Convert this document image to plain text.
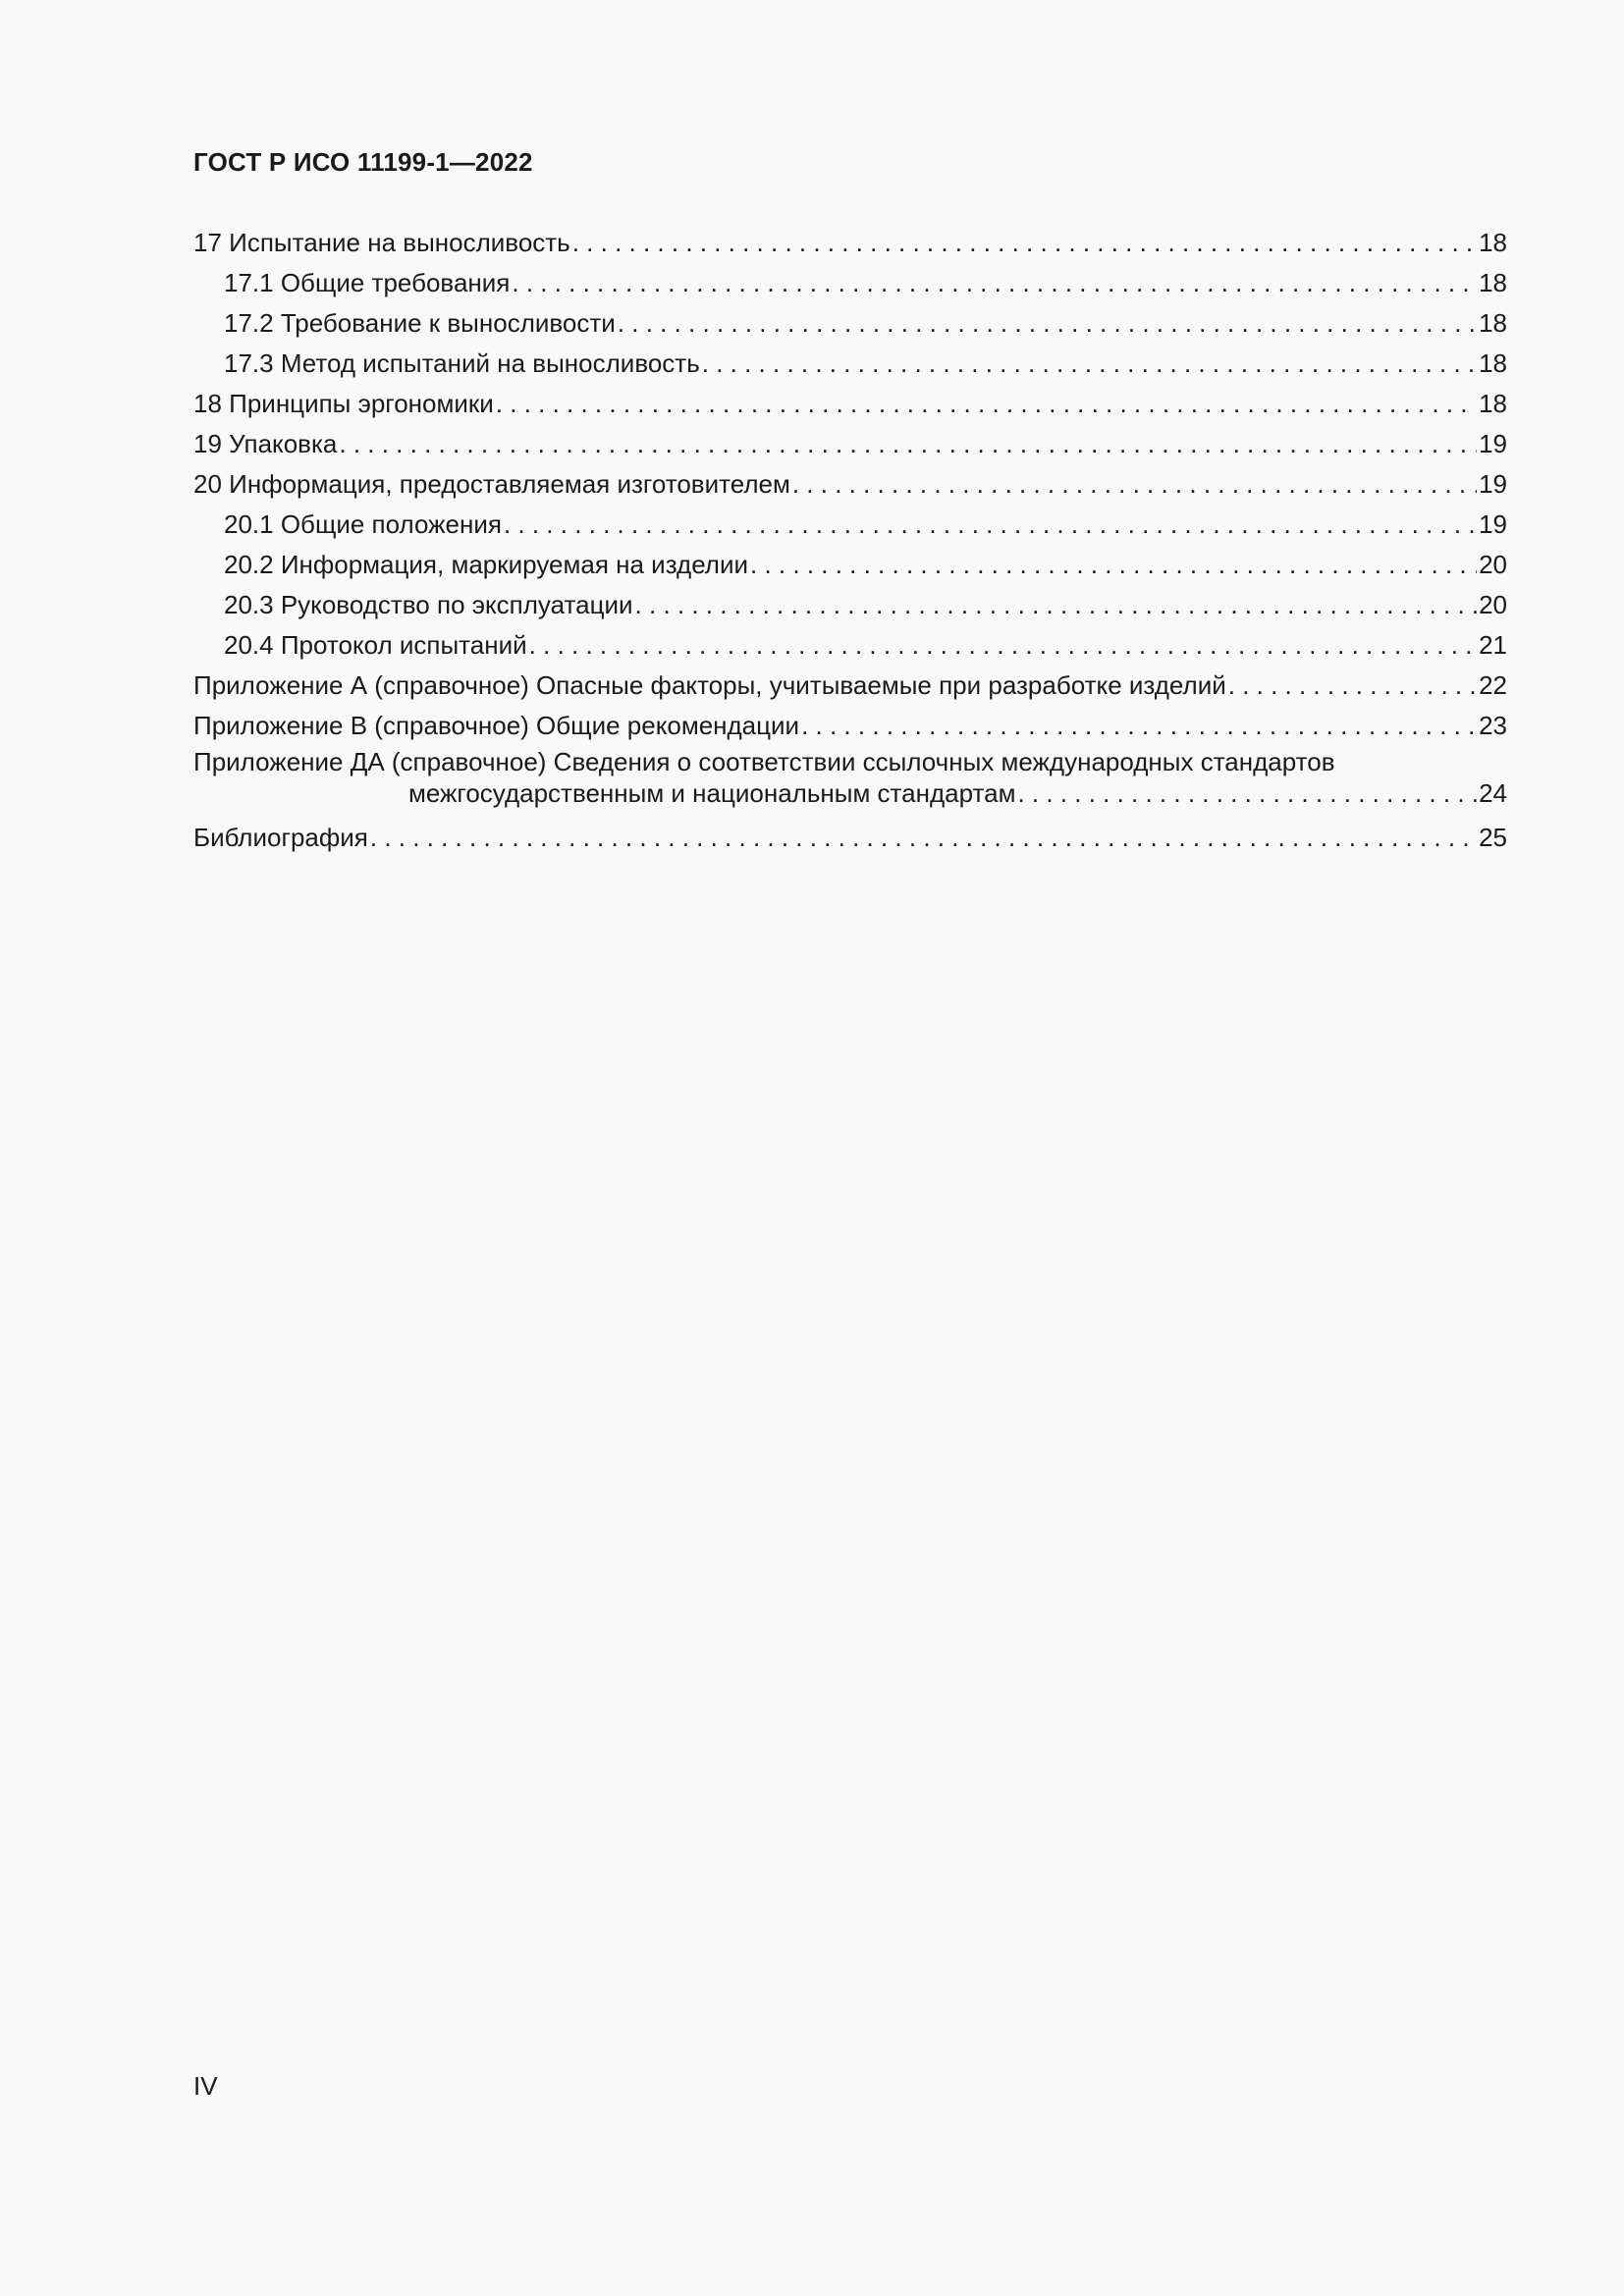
ГОСТ Р ИСО 11199-1—2022
17 Испытание на выносливость . . .	18
17.1 Общие требования . . .	18
17.2 Требование к выносливости . . .	18
17.3 Метод испытаний на выносливость . . .	18
18 Принципы эргономики . . .	18
19 Упаковка . . .	19
20 Информация, предоставляемая изготовителем . . .	19
20.1 Общие положения . . .	19
20.2 Информация, маркируемая на изделии . . .	20
20.3 Руководство по эксплуатации . . .	20
20.4 Протокол испытаний . . .	21
Приложение А (справочное) Опасные факторы, учитываемые при разработке изделий . . .	22
Приложение В (справочное) Общие рекомендации . . .	23
Приложение ДА (справочное) Сведения о соответствии ссылочных международных стандартов
межгосударственным и национальным стандартам . . .	24
Библиография . . .	25
IV
